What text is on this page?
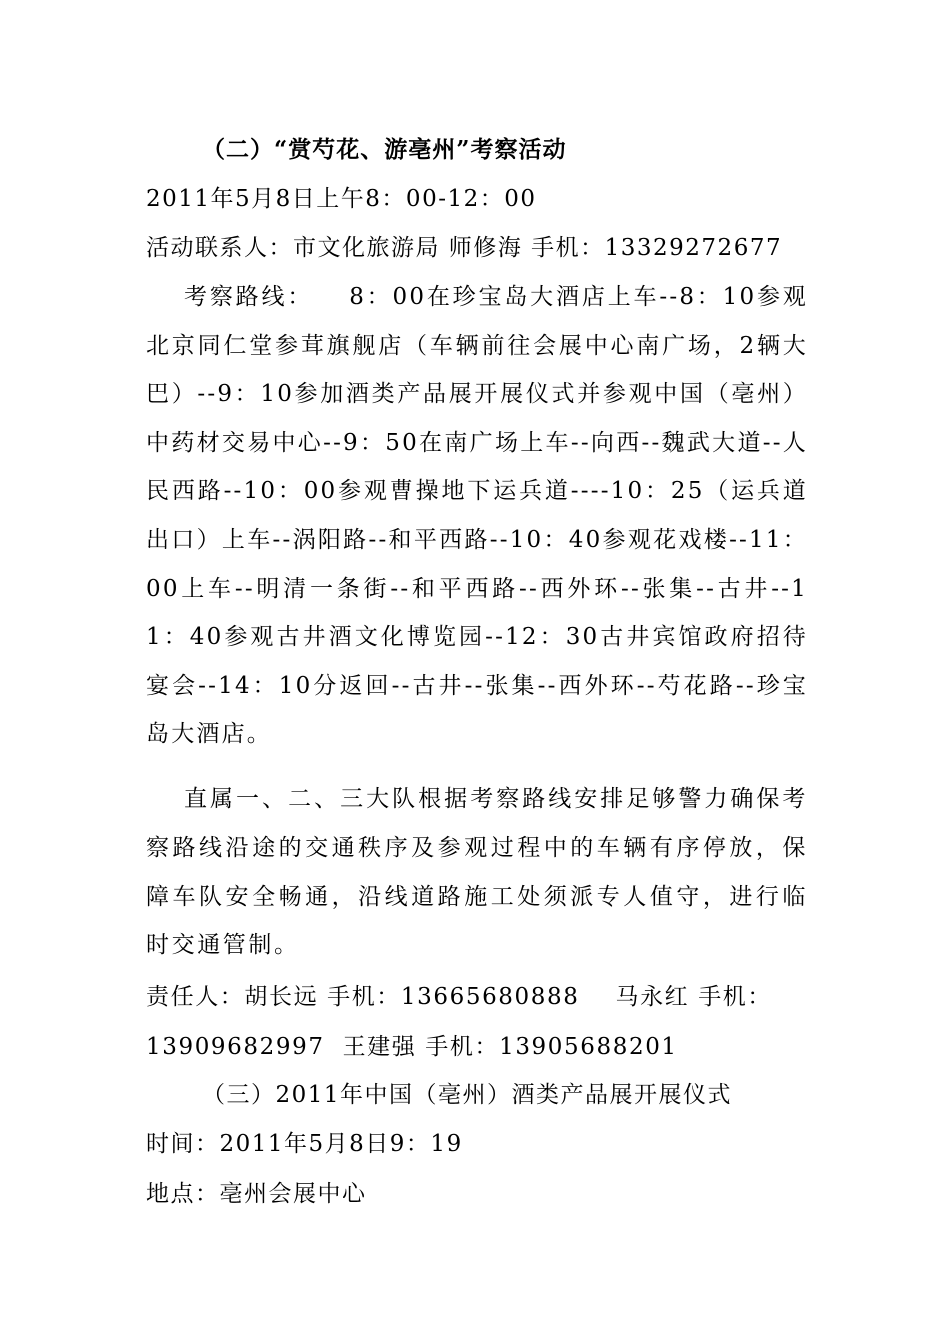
（二）“赏芍花、游亳州”考察活动
2011年5月8日上午8：00-12：00
活动联系人：市文化旅游局 师修海 手机：13329272677
考察路线： 8：00在珍宝岛大酒店上车--8：10参观北京同仁堂参茸旗舰店（车辆前往会展中心南广场，2辆大巴）--9：10参加酒类产品展开展仪式并参观中国（亳州）中药材交易中心--9：50在南广场上车--向西--魏武大道--人民西路--10：00参观曹操地下运兵道----10：25（运兵道出口）上车--涡阳路--和平西路--10：40参观花戏楼--11：00上车--明清一条街--和平西路--西外环--张集--古井--11：40参观古井酒文化博览园--12：30古井宾馆政府招待宴会--14：10分返回--古井--张集--西外环--芍花路--珍宝岛大酒店。
直属一、二、三大队根据考察路线安排足够警力确保考察路线沿途的交通秩序及参观过程中的车辆有序停放，保障车队安全畅通，沿线道路施工处须派专人值守，进行临时交通管制。
责任人：胡长远 手机：13665680888 马永红 手机：
13909682997 王建强 手机：13905688201
（三）2011年中国（亳州）酒类产品展开展仪式
时间：2011年5月8日9：19
地点：亳州会展中心
